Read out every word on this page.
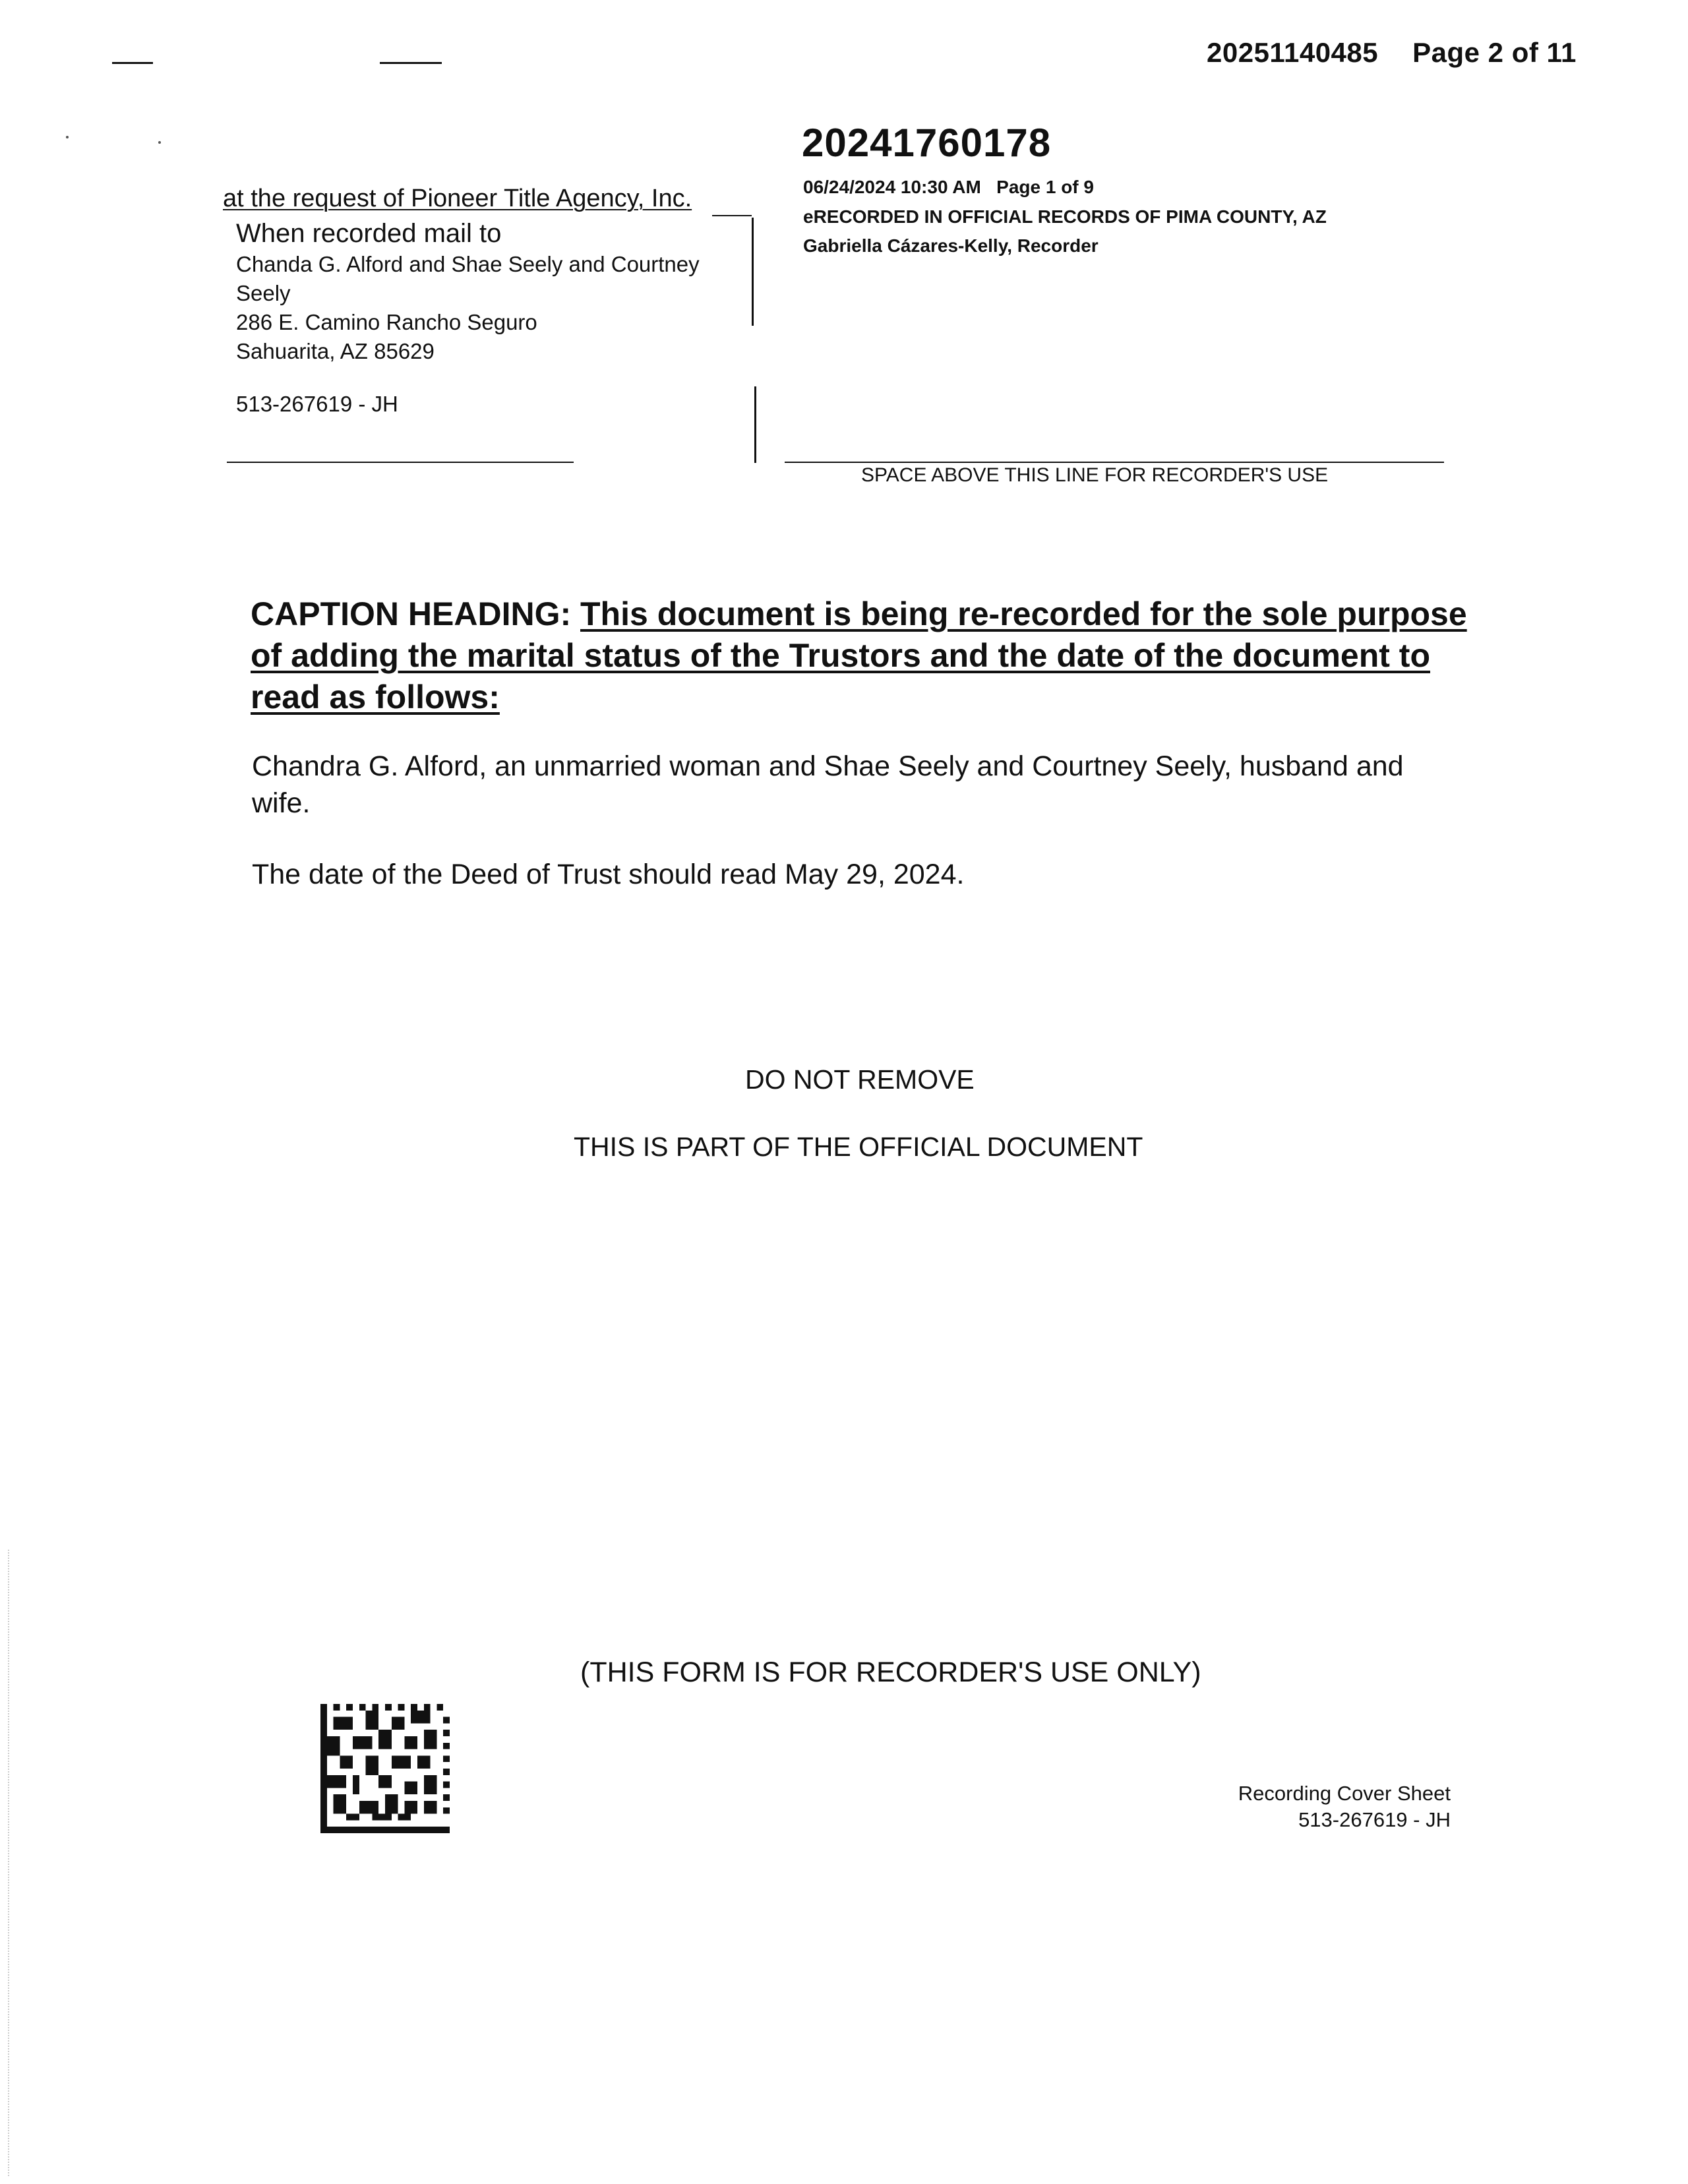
20251140485 Page 2 of 11
20241760178
06/24/2024 10:30 AM   Page 1 of 9
eRECORDED IN OFFICIAL RECORDS OF PIMA COUNTY, AZ
Gabriella Cázares-Kelly, Recorder
at the request of Pioneer Title Agency, Inc.
When recorded mail to
Chanda G. Alford and Shae Seely and Courtney
Seely
286 E. Camino Rancho Seguro
Sahuarita, AZ 85629
513-267619 - JH
SPACE ABOVE THIS LINE FOR RECORDER'S USE
CAPTION HEADING: This document is being re-recorded for the sole purpose of adding the marital status of the Trustors and the date of the document to read as follows:
Chandra G. Alford, an unmarried woman and Shae Seely and Courtney Seely, husband and wife.
The date of the Deed of Trust should read May 29, 2024.
DO NOT REMOVE
THIS IS PART OF THE OFFICIAL DOCUMENT
(THIS FORM IS FOR RECORDER'S USE ONLY)
Recording Cover Sheet
513-267619 - JH
